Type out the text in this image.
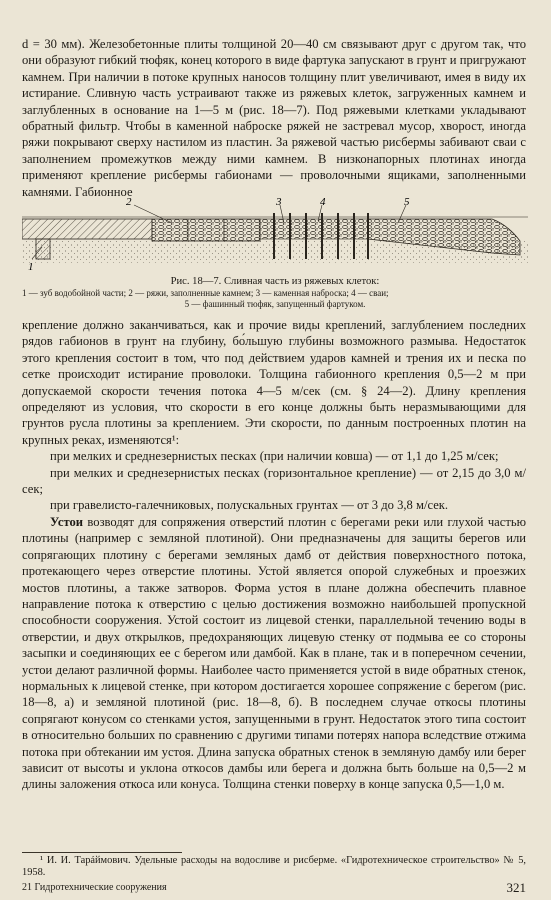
d = 30 мм). Железобетонные плиты толщиной 20—40 см связывают друг с другом так, что они образуют гибкий тюфяк, конец которого в виде фартука запускают в грунт и пригружают камнем. При наличии в потоке крупных наносов толщину плит увеличивают, имея в виду их истирание. Сливную часть устраивают также из ряжевых клеток, загруженных камнем и заглубленных в основание на 1—5 м (рис. 18—7). Под ряжевыми клетками укладывают обратный фильтр. Чтобы в каменной наброске ряжей не застревал мусор, хворост, иногда ряжи покрывают сверху настилом из пластин. За ряжевой частью рисбермы забивают сваи с заполнением промежутков между ними камнем. В низконапорных плотинах иногда применяют крепление рисбермы габионами — проволочными ящиками, заполненными камнями. Габионное

1
2	3	4	5
Рис. 18—7. Сливная часть из ряжевых клеток:
1 — зуб водобойной части; 2 — ряжи, заполненные камнем; 3 — каменная наброска; 4 — сваи;
5 — фашинный тюфяк, запущенный фартуком.

крепление должно заканчиваться, как и прочие виды креплений, заглублением последних рядов габионов в грунт на глубину, бо́льшую глубины возможного размыва. Недостаток этого крепления состоит в том, что под действием ударов камней и трения их и песка по сетке происходит истирание проволоки. Толщина габионного крепления 0,5—2 м при допускаемой скорости течения потока 4—5 м/сек (см. § 24—2). Длину крепления определяют из условия, что скорости в его конце должны быть неразмывающими для грунтов русла плотины за креплением. Эти скорости, по данным построенных плотин на крупных реках, изменяются¹:

при мелких и среднезернистых песках (при наличии ковша) — от 1,1 до 1,25 м/сек;

при мелких и среднезернистых песках (горизонтальное крепление) — от 2,15 до 3,0 м/сек;

при гравелисто-галечниковых, полускальных грунтах — от 3 до 3,8 м/сек.

Устои возводят для сопряжения отверстий плотин с берегами реки или глухой частью плотины (например с земляной плотиной). Они предназначены для защиты берегов или сопрягающих плотину с берегами земляных дамб от действия поверхностного потока, протекающего через отверстие плотины. Устой является опорой служебных и проезжих мостов плотины, а также затворов. Форма устоя в плане должна обеспечить плавное направление потока к отверстию с целью достижения возможно наибольшей пропускной способности сооружения. Устой состоит из лицевой стенки, параллельной течению воды в отверстии, и двух открылков, предохраняющих лицевую стенку от подмыва ее со стороны засыпки и соединяющих ее с берегом или дамбой. Как в плане, так и в поперечном сечении, устои делают различной формы. Наиболее часто применяется устой в виде обратных стенок, нормальных к лицевой стенке, при котором достигается хорошее сопряжение с берегом (рис. 18—8, а) и земляной плотиной (рис. 18—8, б). В последнем случае откосы плотины сопрягают конусом со стенками устоя, запущенными в грунт. Недостаток этого типа состоит в относительно больших по сравнению с другими типами потерях напора вследствие отжима потока при обтекании им устоя. Длина запуска обратных стенок в земляную дамбу или берег зависит от высоты и уклона откосов дамбы или берега и должна быть больше на 0,5—2 м длины заложения откоса или конуса. Толщина стенки поверху в конце запуска 0,5—1,0 м.

¹ И. И. Тарáймович. Удельные расходы на водосливе и рисберме. «Гидротехническое строительство» № 5, 1958.
21 Гидротехнические сооружения	321
